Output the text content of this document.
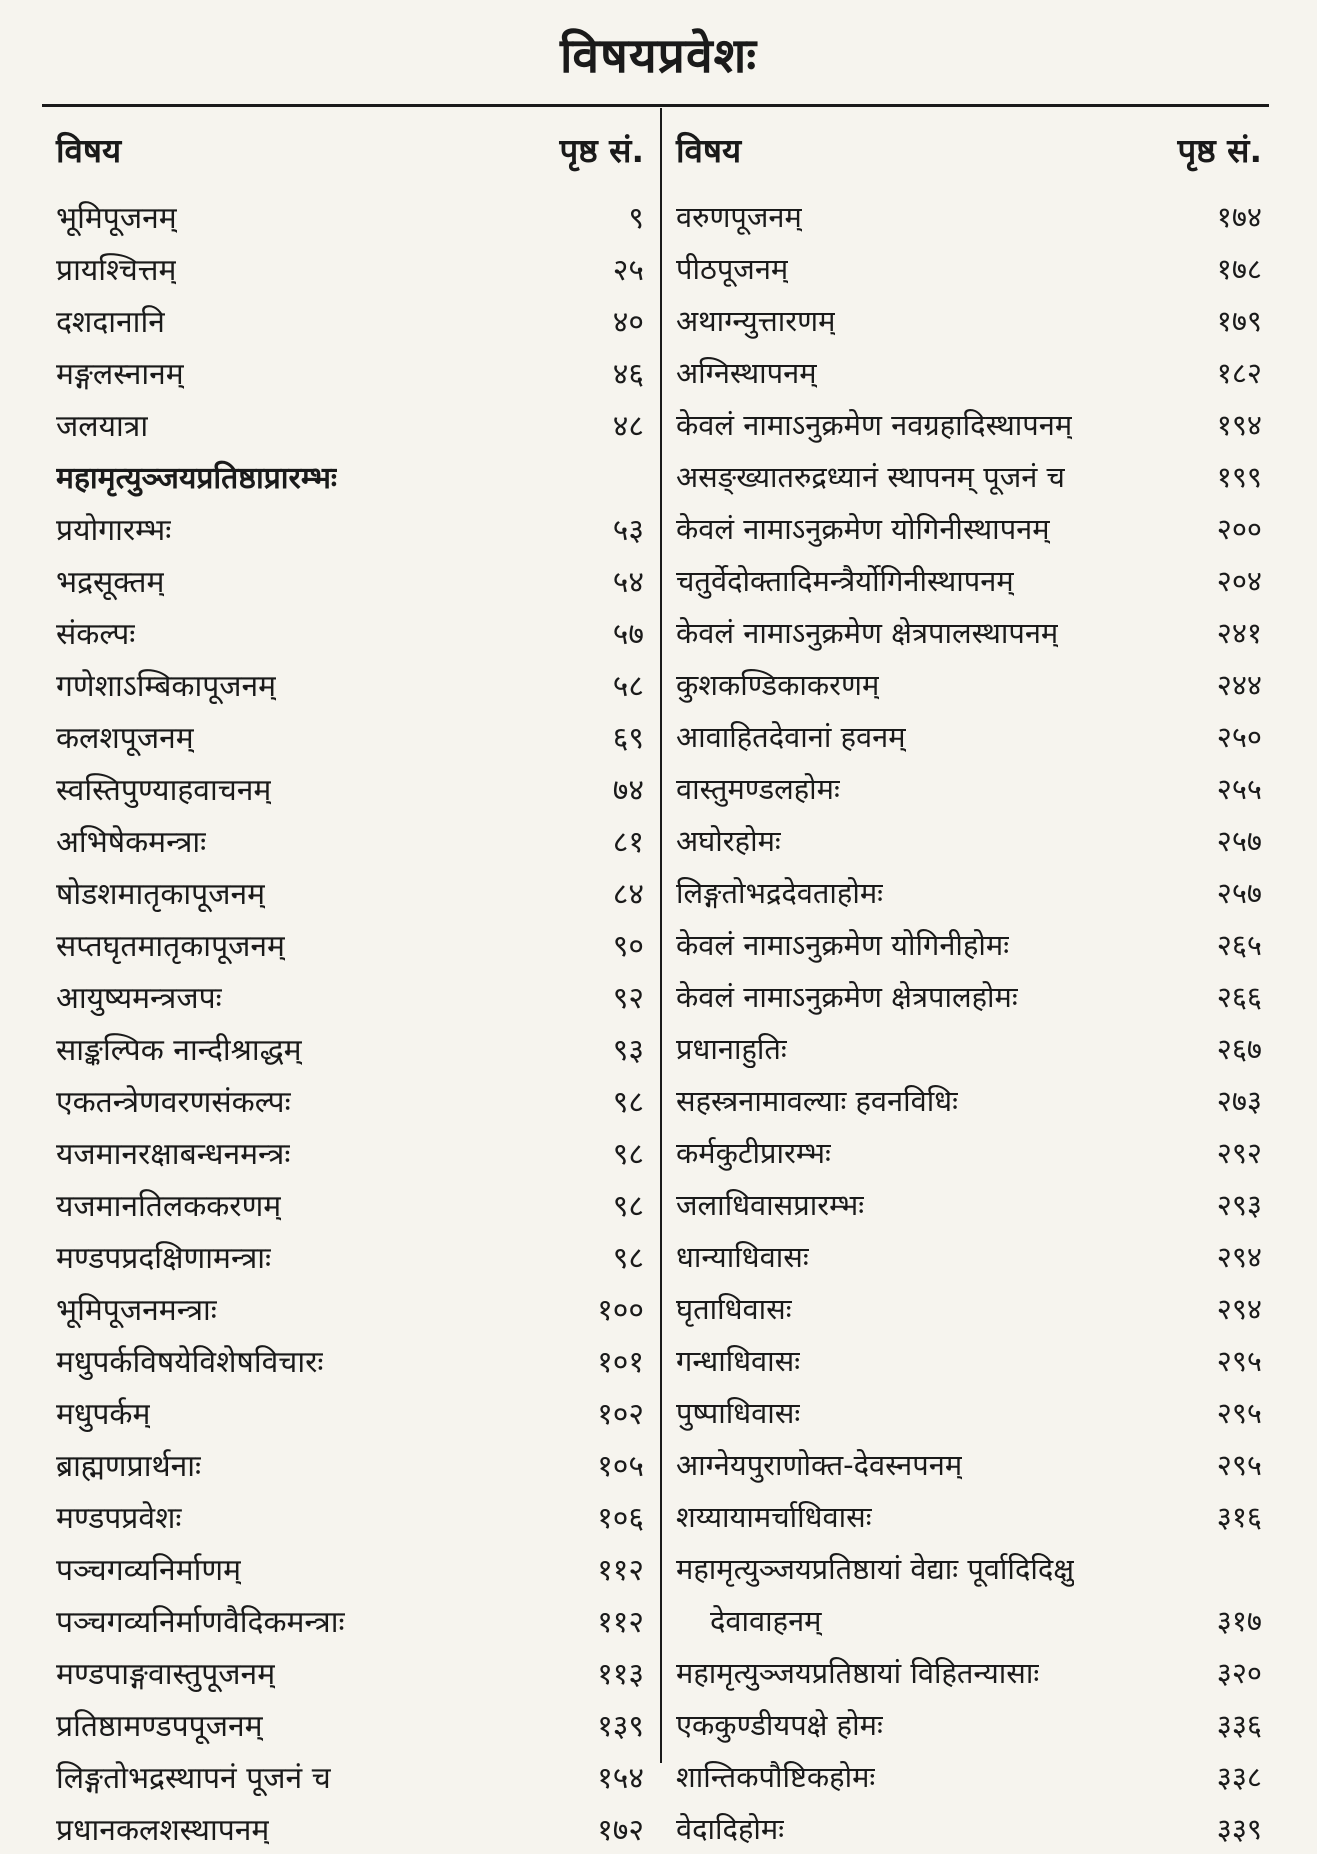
विषयप्रवेशः
विषय	पृष्ठ सं.
भूमिपूजनम्	९
प्रायश्चित्तम्	२५
दशदानानि	४०
मङ्गलस्नानम्	४६
जलयात्रा	४८
महामृत्युञ्जयप्रतिष्ठाप्रारम्भः
प्रयोगारम्भः	५३
भद्रसूक्तम्	५४
संकल्पः	५७
गणेशाऽम्बिकापूजनम्	५८
कलशपूजनम्	६९
स्वस्तिपुण्याहवाचनम्	७४
अभिषेकमन्त्राः	८१
षोडशमातृकापूजनम्	८४
सप्तघृतमातृकापूजनम्	९०
आयुष्यमन्त्रजपः	९२
साङ्कल्पिक नान्दीश्राद्धम्	९३
एकतन्त्रेणवरणसंकल्पः	९८
यजमानरक्षाबन्धनमन्त्रः	९८
यजमानतिलककरणम्	९८
मण्डपप्रदक्षिणामन्त्राः	९८
भूमिपूजनमन्त्राः	१००
मधुपर्कविषयेविशेषविचारः	१०१
मधुपर्कम्	१०२
ब्राह्मणप्रार्थनाः	१०५
मण्डपप्रवेशः	१०६
पञ्चगव्यनिर्माणम्	११२
पञ्चगव्यनिर्माणवैदिकमन्त्राः	११२
मण्डपाङ्गवास्तुपूजनम्	११३
प्रतिष्ठामण्डपपूजनम्	१३९
लिङ्गतोभद्रस्थापनं पूजनं च	१५४
प्रधानकलशस्थापनम्	१७२
विषय	पृष्ठ सं.
वरुणपूजनम्	१७४
पीठपूजनम्	१७८
अथाग्न्युत्तारणम्	१७९
अग्निस्थापनम्	१८२
केवलं नामाऽनुक्रमेण नवग्रहादिस्थापनम्	१९४
असङ्ख्यातरुद्रध्यानं स्थापनम् पूजनं च	१९९
केवलं नामाऽनुक्रमेण योगिनीस्थापनम्	२००
चतुर्वेदोक्तादिमन्त्रैर्योगिनीस्थापनम्	२०४
केवलं नामाऽनुक्रमेण क्षेत्रपालस्थापनम्	२४१
कुशकण्डिकाकरणम्	२४४
आवाहितदेवानां हवनम्	२५०
वास्तुमण्डलहोमः	२५५
अघोरहोमः	२५७
लिङ्गतोभद्रदेवताहोमः	२५७
केवलं नामाऽनुक्रमेण योगिनीहोमः	२६५
केवलं नामाऽनुक्रमेण क्षेत्रपालहोमः	२६६
प्रधानाहुतिः	२६७
सहस्त्रनामावल्याः हवनविधिः	२७३
कर्मकुटीप्रारम्भः	२९२
जलाधिवासप्रारम्भः	२९३
धान्याधिवासः	२९४
घृताधिवासः	२९४
गन्धाधिवासः	२९५
पुष्पाधिवासः	२९५
आग्नेयपुराणोक्त-देवस्नपनम्	२९५
शय्यायामर्चाधिवासः	३१६
महामृत्युञ्जयप्रतिष्ठायां वेद्याः पूर्वादिदिक्षु
देवावाहनम्	३१७
महामृत्युञ्जयप्रतिष्ठायां विहितन्यासाः	३२०
एककुण्डीयपक्षे होमः	३३६
शान्तिकपौष्टिकहोमः	३३८
वेदादिहोमः	३३९
